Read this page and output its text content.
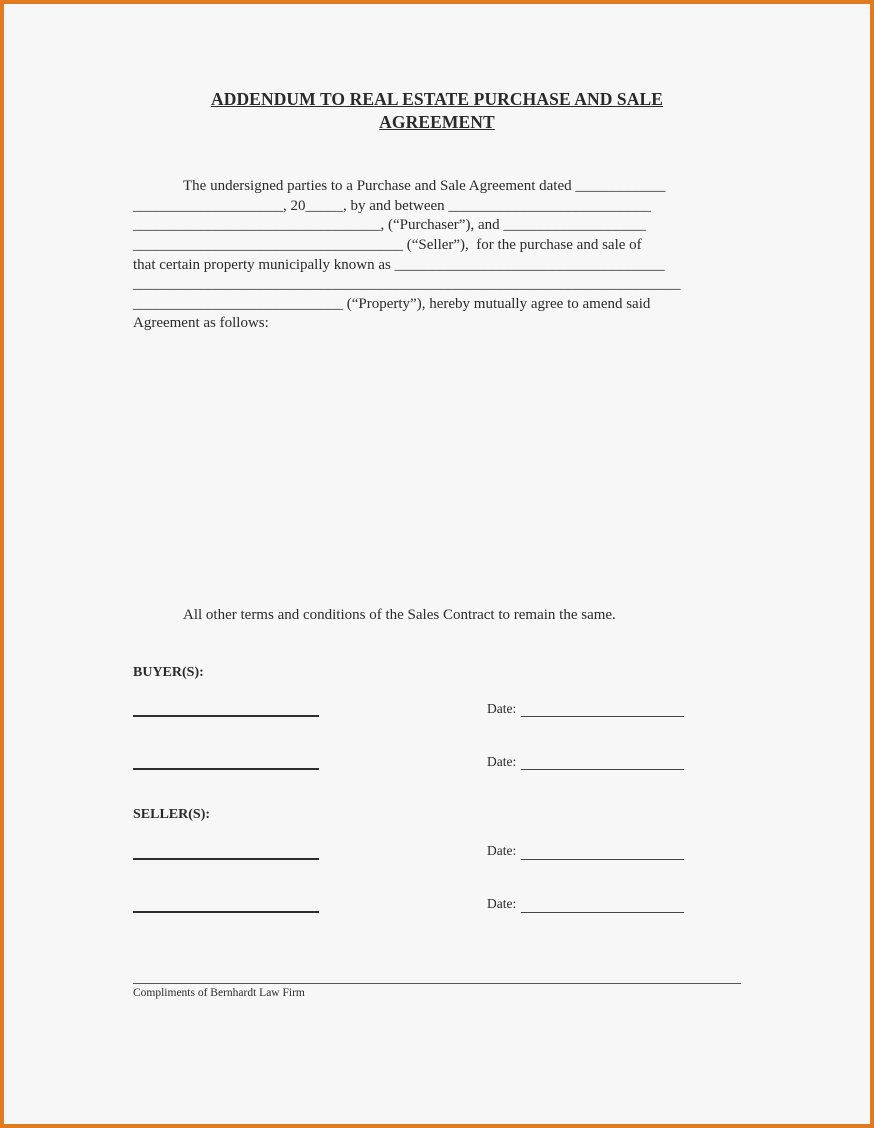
ADDENDUM TO REAL ESTATE PURCHASE AND SALE
AGREEMENT
The undersigned parties to a Purchase and Sale Agreement dated ____________
____________________, 20_____, by and between ___________________________
_________________________________, (“Purchaser”), and ___________________
____________________________________ (“Seller”),  for the purchase and sale of
that certain property municipally known as ____________________________________
_________________________________________________________________________
____________________________ (“Property”), hereby mutually agree to amend said
Agreement as follows:
All other terms and conditions of the Sales Contract to remain the same.
BUYER(S):
Date:
Date:
SELLER(S):
Date:
Date:
Compliments of Bernhardt Law Firm
